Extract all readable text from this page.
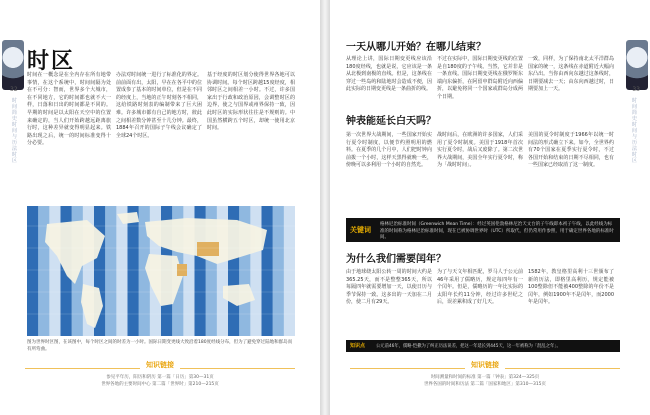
32
时间简史 时间与历法 时区
时区
时间在一概念是在全内存在所有地带事情，在这个系统中，时间间隔为处在不可分：智而，世界多个大城市，在不同地方，它的时间都也就不大一样，日落和日出的时间都是不同的。早期的时间是以太阳在天空中的位置来确定的，当人们开始跨越远距离旅行时，这种差异就变得明显起来。铁路出现之后，统一的时间标准变得十分必要。
办法对时间统一进行了标准化的界定。前前面有出，太阳，早在在各平中的位置成参了基本的时间单位，但是在不同的经度上，当地的正午时刻各不相同，这给铁路时刻表的编制带来了巨大困难。许多城市都有自己的地方时，彼此之间相差数分钟甚至十几分钟。最终，1884年召开的国际子午线会议确定了全球24个时区。
基于经度的时区划分使得世界各地可以协调时间。每个时区跨越15度经度，相邻时区之间相差一小时。不过，许多国家出于行政和政治原因，会调整时区的边界，使之与国界或州界保持一致，因此时区的实际形状往往是不规则的。中国虽然横跨五个时区，却统一使用北京时间。
图为世界时区图，在该图中，每个时区之间的时差为一小时。国际日期变更线大致沿着180度经线分布，但为了避免穿过陆地和群岛而有所弯曲。
知识链接
参见平年历，阳历和阴历 第一篇「日历」第30—31页
世界各地的主要时间中心 第二篇「世界时」第210—215页
33
时间简史 时间与历法 时区
一天从哪儿开始？在哪儿结束？
从理论上讲，国际日期变更线应该沿180度经线，也就是说，它应该是一条从北极到南极的直线。但是，这条线在穿过一些岛屿和陆地时会造成不便，因此实际的日期变更线是一条曲折的线。
不过在实际中，国际日期变更线的位置是自180度的子午线。当然，它并非是一条直线。国际日期变更线在俄罗斯东端向东偏折，在阿留申群岛附近向西偏折，以避免将同一个国家或群岛分成两个日期。
一致，同样，为了保持南北太平洋群岛国家的统一，这条线在赤道附近大幅向东凸出。当你由西向东越过这条线时，日期要减去一天；由东向西越过时，日期要加上一天。
钟表能延长白天吗？
第一次世界大战期间，一些国家开始实行夏令时制度，以便节约照明用的燃料。在夏季的几个月中，人们把时钟向前拨一个小时，这样天黑得就晚一些，傍晚可以多利用一个小时的自然光。
战时间后，在欧洲的许多国家，人们采用了夏令时制度。美国于1918年首次实行夏令时，战后又废除了。第二次世界大战期间，美国全年实行夏令时，称为「战时时间」。
美国的夏令时制度于1966年以统一时间法的形式确立下来。如今，全世界约有70个国家在夏季实行夏令时，不过各国开始和结束的日期不尽相同，也有一些国家已经取消了这一制度。
关键词
格林尼治标准时间（Greenwich Mean Time）：经过英国伦敦格林尼治天文台的子午线即本初子午线，以此经线为标准的时间称为格林尼治标准时间，现在已被协调世界时（UTC）所取代，但仍常用作参照，用于确定世界各地的标准时间。
为什么我们需要闰年？
由于地球绕太阳公转一周的时间大约是365.25天，而不是整整365天，所以每隔四年就需要增加一天，以使日历与季节保持一致。这多出的一天加在二月份，使二月有29天。
为了与天文年相匹配，罗马人于公元前46年采用了儒略历，规定每四年有一个闰年。但是，儒略历的一年比实际的太阳年长约11分钟，经过许多世纪之后，误差累积成了好几天。
1582年，教皇格里高利十三世颁布了新的历法，即格里高利历，规定能被100整除但不能被400整除的年份不是闰年，例如1900年不是闰年，而2000年是闰年。
知识点	公元前46年，儒略·恺撒为了纠正历法误差，把这一年延长到445天，这一年被称为「混乱之年」。
知识链接
时间测量和时间的标准 第一篇「钟表」第324—325页
世界各国的时间和历法 第二篇「国家和地区」第310—315页
